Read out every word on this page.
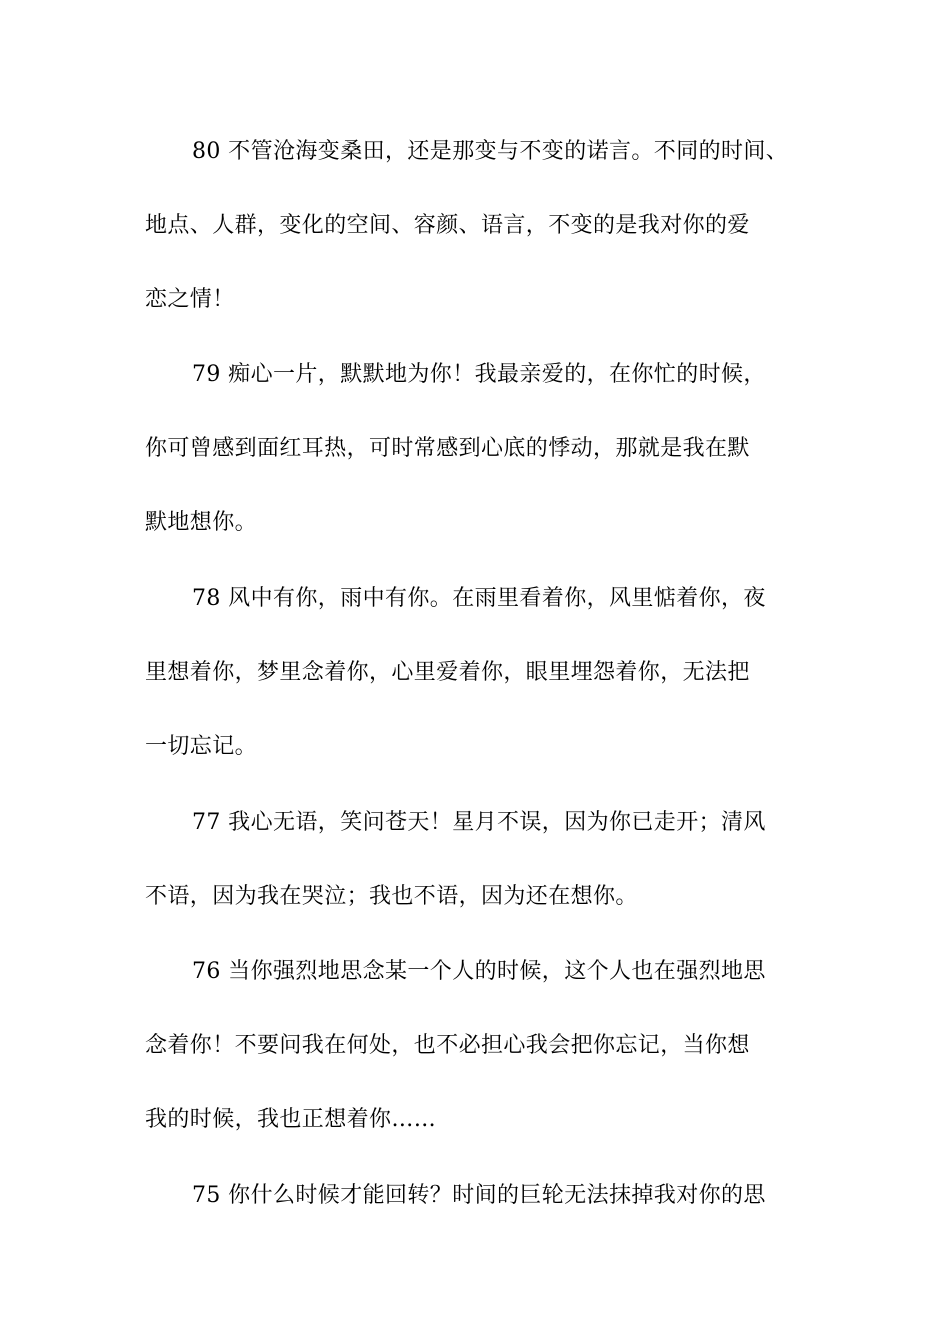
80 不管沧海变桑田，还是那变与不变的诺言。不同的时间、
地点、人群，变化的空间、容颜、语言，不变的是我对你的爱
恋之情！
79 痴心一片，默默地为你！我最亲爱的，在你忙的时候，
你可曾感到面红耳热，可时常感到心底的悸动，那就是我在默
默地想你。
78 风中有你，雨中有你。在雨里看着你，风里惦着你，夜
里想着你，梦里念着你，心里爱着你，眼里埋怨着你，无法把
一切忘记。
77 我心无语，笑问苍天！星月不误，因为你已走开；清风
不语，因为我在哭泣；我也不语，因为还在想你。
76 当你强烈地思念某一个人的时候，这个人也在强烈地思
念着你！不要问我在何处，也不必担心我会把你忘记，当你想
我的时候，我也正想着你……
75 你什么时候才能回转？时间的巨轮无法抹掉我对你的思
